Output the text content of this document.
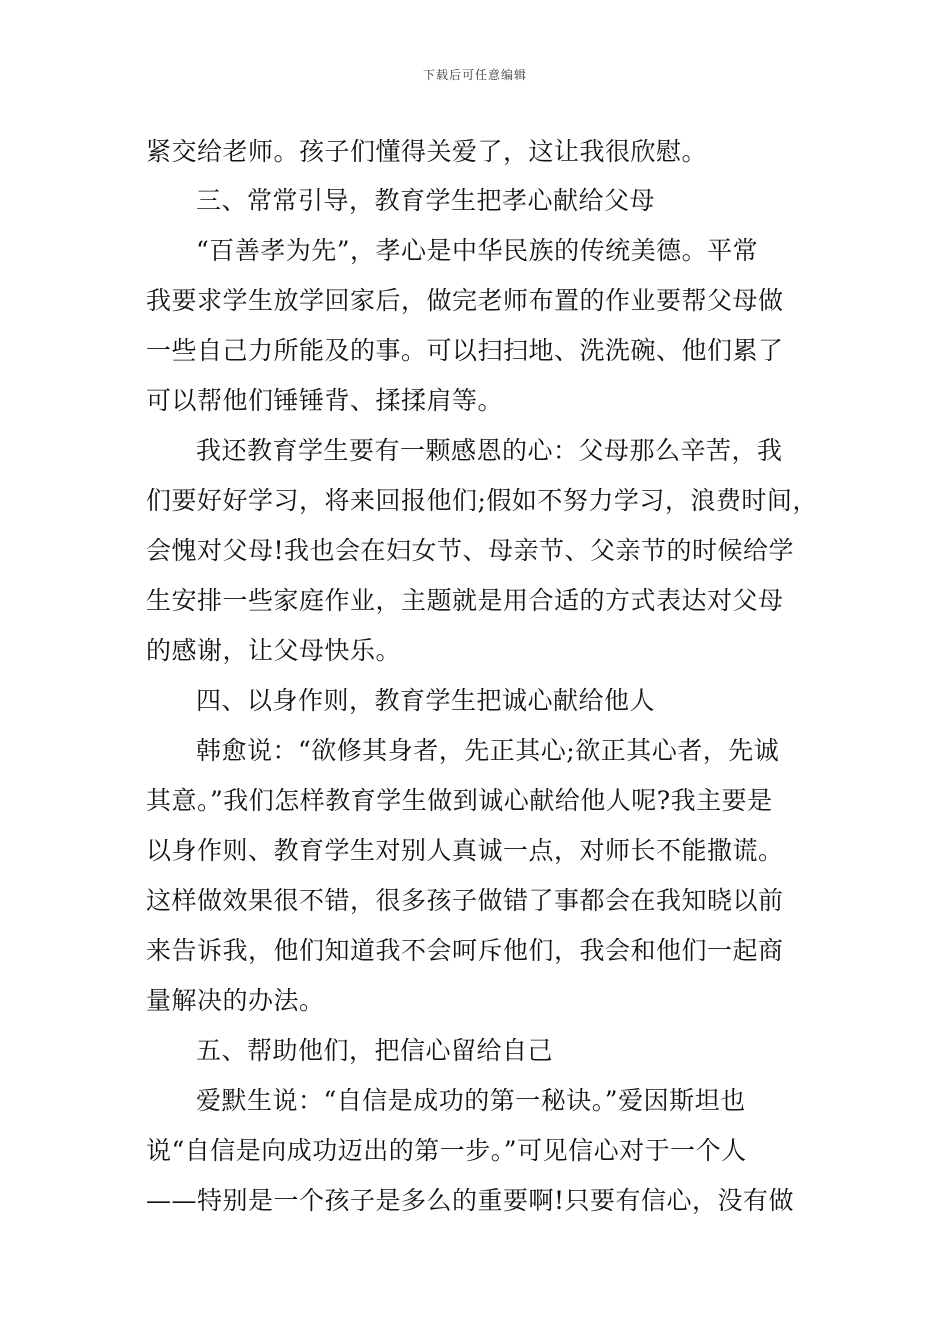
下载后可任意编辑
紧交给老师。孩子们懂得关爱了，这让我很欣慰。
三、常常引导，教育学生把孝心献给父母
“百善孝为先”，孝心是中华民族的传统美德。平常
我要求学生放学回家后，做完老师布置的作业要帮父母做
一些自己力所能及的事。可以扫扫地、洗洗碗、他们累了
可以帮他们锤锤背、揉揉肩等。
我还教育学生要有一颗感恩的心：父母那么辛苦，我
们要好好学习，将来回报他们;假如不努力学习，浪费时间，
会愧对父母!我也会在妇女节、母亲节、父亲节的时候给学
生安排一些家庭作业，主题就是用合适的方式表达对父母
的感谢，让父母快乐。
四、以身作则，教育学生把诚心献给他人
韩愈说：“欲修其身者，先正其心;欲正其心者，先诚
其意。”我们怎样教育学生做到诚心献给他人呢?我主要是
以身作则、教育学生对别人真诚一点，对师长不能撒谎。
这样做效果很不错，很多孩子做错了事都会在我知晓以前
来告诉我，他们知道我不会呵斥他们，我会和他们一起商
量解决的办法。
五、帮助他们，把信心留给自己
爱默生说：“自信是成功的第一秘诀。”爱因斯坦也
说“自信是向成功迈出的第一步。”可见信心对于一个人
——特别是一个孩子是多么的重要啊!只要有信心，没有做
